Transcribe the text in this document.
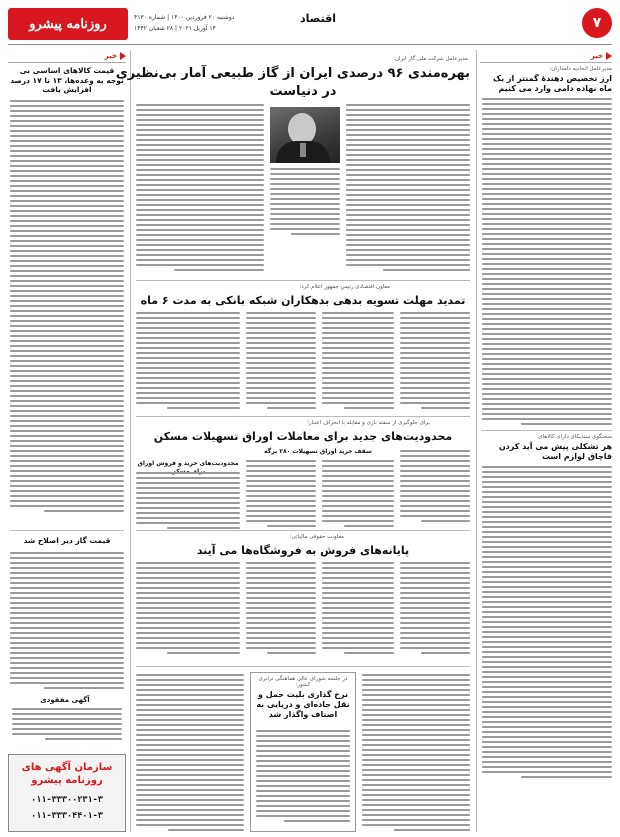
روزنامه پیشرو	دوشنبه ۲۰ فروردین ۱۴۰۰ | شماره ۴۱۳۰
۱۴ آوریل ۲۰۲۱ | ۲۸ شعبان ۱۴۴۲
اقتصاد	۷
خبر
خبر
مدیرعامل اتحادیه دامداران:
ارز تخصیص دهندهٔ گمنتر از یک ماه نهاده دامی وارد می کنیم
سخنگوی سندیکای دارای کالاهای:
هر تشکلی پیش می آید کردن قاچاق لوازم است
مدیرعامل شرکت ملی گاز ایران:
بهره‌مندی ۹۶ درصدی ایران از گاز طبیعی آمار بی‌نظیری
در دنیاست
معاون اقتصادی رئیس جمهور اعلام کرد:
تمدید مهلت تسویه بدهی بدهکاران شبکه بانکی به مدت ۶ ماه
برای جلوگیری از سفته بازی و مقابله با انحراف اعتبار؛
محدودیت‌های جدید برای معاملات اوراق تسهیلات مسکن
سقف خرید اوراق تسهیلات ۲۸۰ برگه
محدودیت‌های خرید و فروش اوراق
معاونت حقوقی مالیاتی:
پایانه‌های فروش به فروشگاه‌ها می آیند
در جلسه شورای عالی هماهنگی ترابری کشور:
نرخ گذاری بلیت حمل و نقل جاده‌ای و دریایی به اصناف واگذار شد
قیمت کالاهای اساسی بی توجه به وعده‌ها، ۱۳ تا ۱۷ درصد افزایش یافت
قیمت گاز دیر اصلاح شد
آگهی مفقودی
سازمان آگهی های
روزنامه پیشرو
۰۱۱-۳۳۳۰۰۲۳۱-۳
۰۱۱-۳۳۳۰۴۴۰۱-۳
